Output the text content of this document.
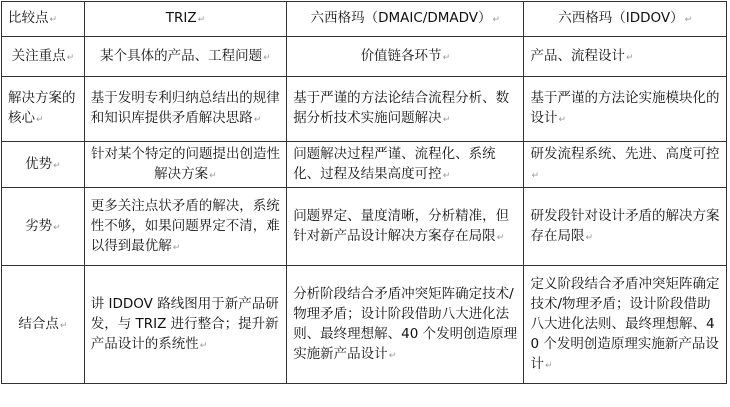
比较点↵	TRIZ↵	六西格玛（DMAIC/DMADV）↵	六西格玛（IDDOV）↵
关注重点↵	某个具体的产品、工程问题↵	价值链各环节↵	产品、流程设计↵
解决方案的核心↵	基于发明专利归纳总结出的规律和知识库提供矛盾解决思路↵	基于严谨的方法论结合流程分析、数据分析技术实施问题解决↵	基于严谨的方法论实施模块化的设计↵
优势↵	针对某个特定的问题提出创造性解决方案↵	问题解决过程严谨、流程化、系统化、过程及结果高度可控↵	研发流程系统、先进、高度可控↵
劣势↵	更多关注点状矛盾的解决，系统性不够，如果问题界定不清，难以得到最优解↵	问题界定、量度清晰，分析精准，但针对新产品设计解决方案存在局限↵	研发段针对设计矛盾的解决方案存在局限↵
结合点↵	讲 IDDOV 路线图用于新产品研发，与 TRIZ 进行整合；提升新产品设计的系统性↵	分析阶段结合矛盾冲突矩阵确定技术/物理矛盾；设计阶段借助八大进化法则、最终理想解、40 个发明创造原理实施新产品设计↵	定义阶段结合矛盾冲突矩阵确定技术/物理矛盾；设计阶段借助八大进化法则、最终理想解、40 个发明创造原理实施新产品设计↵
